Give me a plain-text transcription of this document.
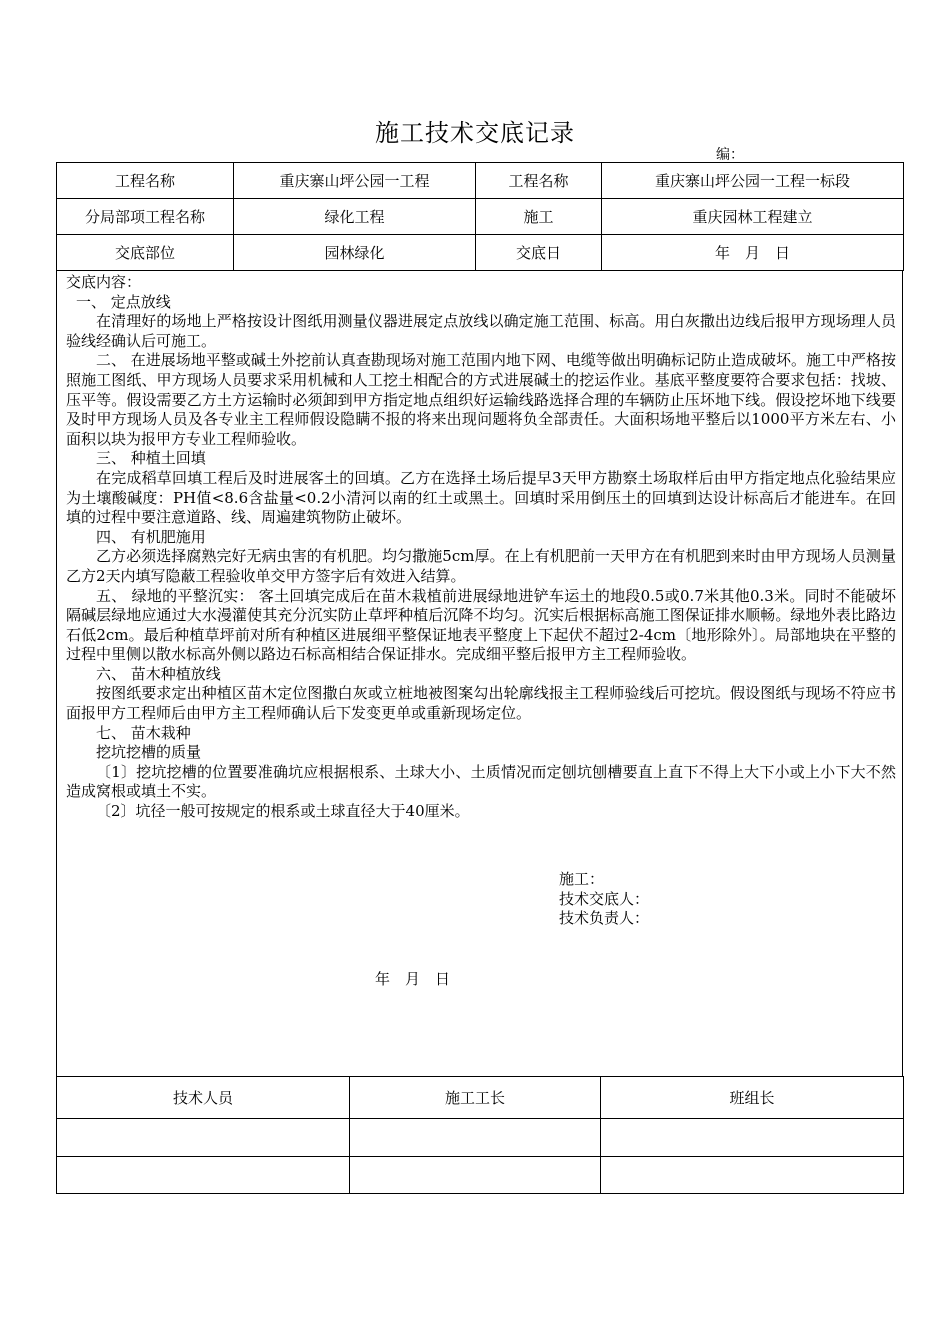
施工技术交底记录
编：
工程名称	重庆寨山坪公园一工程	工程名称	重庆寨山坪公园一工程一标段
分局部项工程名称	绿化工程	施工	重庆园林工程建立
交底部位	园林绿化	交底日	年　月　日

交底内容：

一、 定点放线

在清理好的场地上严格按设计图纸用测量仪器进展定点放线以确定施工范围、标高。用白灰撒出边线后报甲方现场理人员验线经确认后可施工。

二、 在进展场地平整或碱土外挖前认真查勘现场对施工范围内地下网、电缆等做出明确标记防止造成破坏。施工中严格按照施工图纸、甲方现场人员要求采用机械和人工挖土相配合的方式进展碱土的挖运作业。基底平整度要符合要求包括：找坡、压平等。假设需要乙方土方运输时必须卸到甲方指定地点组织好运输线路选择合理的车辆防止压坏地下线。假设挖坏地下线要及时甲方现场人员及各专业主工程师假设隐瞒不报的将来出现问题将负全部责任。大面积场地平整后以1000平方米左右、小面积以块为报甲方专业工程师验收。

三、 种植土回填

在完成稻草回填工程后及时进展客土的回填。乙方在选择土场后提早3天甲方勘察土场取样后由甲方指定地点化验结果应为土壤酸碱度：PH值<8.6含盐量<0.2小清河以南的红土或黑土。回填时采用倒压土的回填到达设计标高后才能进车。在回填的过程中要注意道路、线、周遍建筑物防止破坏。

四、 有机肥施用

乙方必须选择腐熟完好无病虫害的有机肥。均匀撒施5cm厚。在上有机肥前一天甲方在有机肥到来时由甲方现场人员测量乙方2天内填写隐蔽工程验收单交甲方签字后有效进入结算。

五、 绿地的平整沉实： 客土回填完成后在苗木栽植前进展绿地进铲车运土的地段0.5或0.7米其他0.3米。同时不能破坏隔碱层绿地应通过大水漫灌使其充分沉实防止草坪种植后沉降不均匀。沉实后根据标高施工图保证排水顺畅。绿地外表比路边石低2cm。最后种植草坪前对所有种植区进展细平整保证地表平整度上下起伏不超过2-4cm〔地形除外〕。局部地块在平整的过程中里侧以散水标高外侧以路边石标高相结合保证排水。完成细平整后报甲方主工程师验收。

六、 苗木种植放线

按图纸要求定出种植区苗木定位图撒白灰或立桩地被图案勾出轮廓线报主工程师验线后可挖坑。假设图纸与现场不符应书面报甲方工程师后由甲方主工程师确认后下发变更单或重新现场定位。

七、 苗木栽种

挖坑挖槽的质量

〔1〕挖坑挖槽的位置要准确坑应根据根系、土球大小、土质情况而定刨坑刨槽要直上直下不得上大下小或上小下大不然造成窝根或填土不实。

〔2〕坑径一般可按规定的根系或土球直径大于40厘米。

施工：
技术交底人：
技术负责人：
年　月　日
技术人员	施工工长	班组长
